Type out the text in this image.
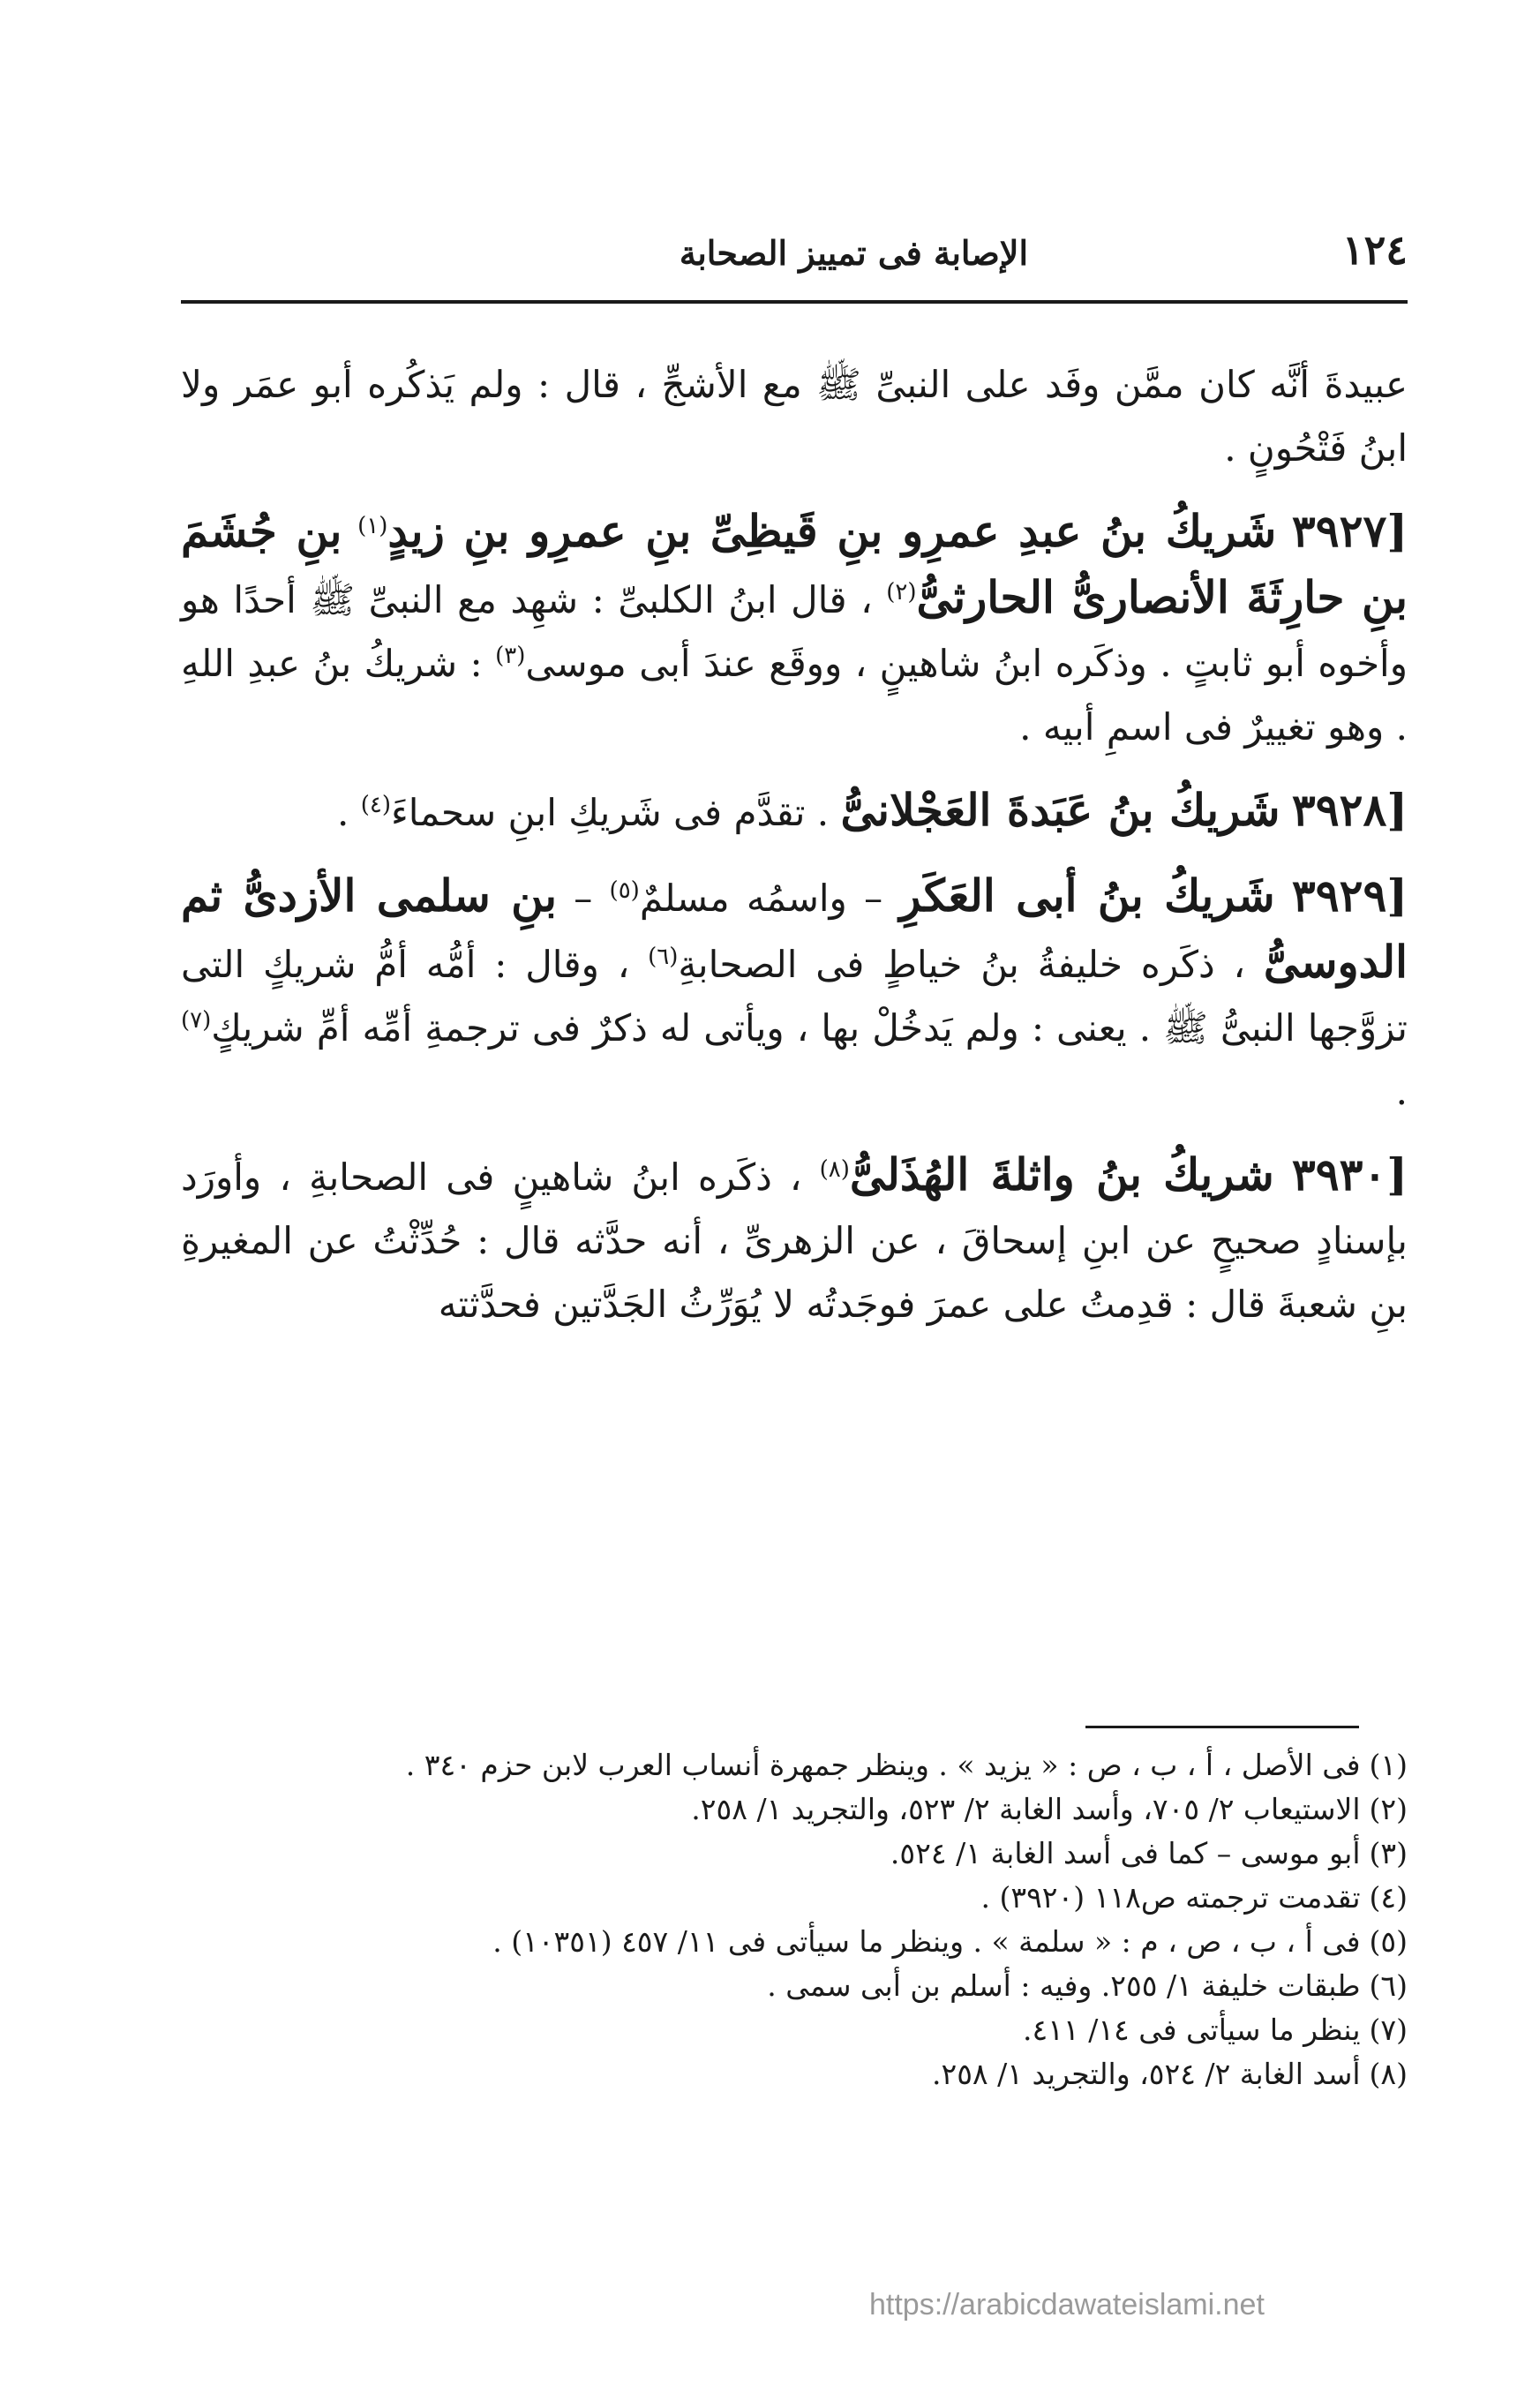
١٢٤
الإصابة فى تمييز الصحابة

عبيدةَ أنَّه كان ممَّن وفَد على النبىِّ ﷺ مع الأشجِّ ، قال : ولم يَذكُره أبو عمَر ولا ابنُ فَتْحُونٍ .

[٣٩٢٧ شَريكُ بنُ عبدِ عمرِو بنِ قَيظِىِّ بنِ عمرِو بنِ زيدٍ$^{(١)}$ بنِ جُشَمَ بنِ حارِثَةَ الأنصارىُّ الحارثىُّ$^{(٢)}$ ، قال ابنُ الكلبىِّ : شهِد مع النبىِّ ﷺ أحدًا هو وأخوه أبو ثابتٍ . وذكَره ابنُ شاهينٍ ، ووقَع عندَ أبى موسى$^{(٣)}$ : شريكُ بنُ عبدِ اللهِ . وهو تغييرٌ فى اسمِ أبيه .

[٣٩٢٨ شَريكُ بنُ عَبَدةَ العَجْلانىُّ . تقدَّم فى شَريكِ ابنِ سحماءَ$^{(٤)}$ .

[٣٩٢٩ شَريكُ بنُ أبى العَكَرِ – واسمُه مسلمٌ$^{(٥)}$ – بنِ سلمى الأزدىُّ ثم الدوسىُّ ، ذكَره خليفةُ بنُ خياطٍ فى الصحابةِ$^{(٦)}$ ، وقال : أمُّه أمُّ شريكٍ التى تزوَّجها النبىُّ ﷺ . يعنى : ولم يَدخُلْ بها ، ويأتى له ذكرٌ فى ترجمةِ أمِّه أمِّ شريكٍ$^{(٧)}$ .

[٣٩٣٠ شريكُ بنُ واثلةَ الهُذَلىُّ$^{(٨)}$ ، ذكَره ابنُ شاهينٍ فى الصحابةِ ، وأورَد بإسنادٍ صحيحٍ عن ابنِ إسحاقَ ، عن الزهرىِّ ، أنه حدَّثه قال : حُدِّثْتُ عن المغيرةِ بنِ شعبةَ قال : قدِمتُ على عمرَ فوجَدتُه لا يُوَرِّثُ الجَدَّتين فحدَّثته

(١)فى الأصل ، أ ، ب ، ص : « يزيد » . وينظر جمهرة أنساب العرب لابن حزم ٣٤٠ .
(٢)الاستيعاب ٢/ ٧٠٥، وأسد الغابة ٢/ ٥٢٣، والتجريد ١/ ٢٥٨.
(٣)أبو موسى – كما فى أسد الغابة ١/ ٥٢٤.
(٤)تقدمت ترجمته ص١١٨ (٣٩٢٠) .
(٥)فى أ ، ب ، ص ، م : « سلمة » . وينظر ما سيأتى فى ١١/ ٤٥٧ (١٠٣٥١) .
(٦)طبقات خليفة ١/ ٢٥٥. وفيه : أسلم بن أبى سمى .
(٧)ينظر ما سيأتى فى ١٤/ ٤١١.
(٨)أسد الغابة ٢/ ٥٢٤، والتجريد ١/ ٢٥٨.
https://arabicdawateislami.net
